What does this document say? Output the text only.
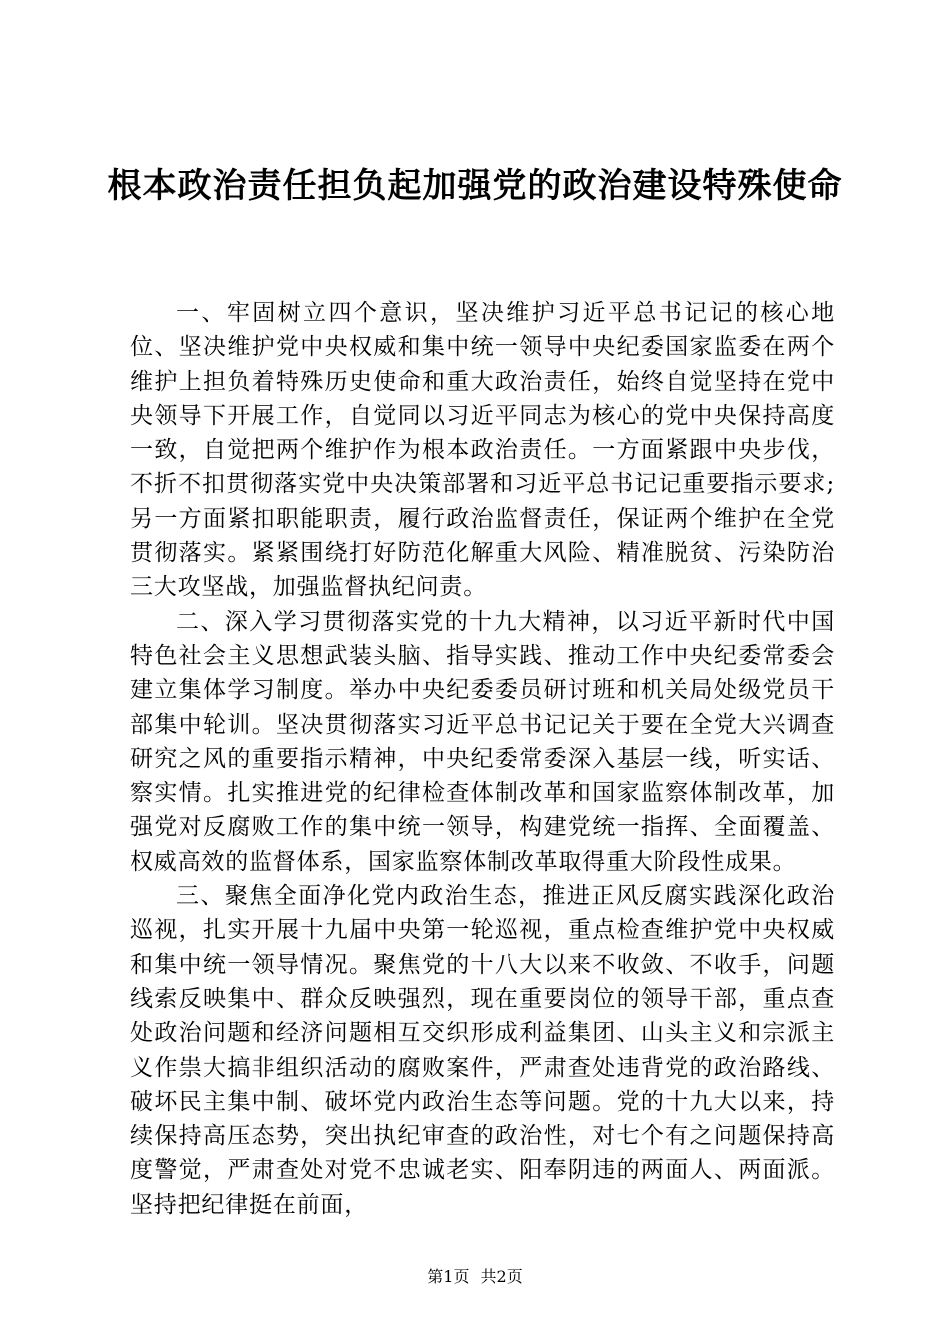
根本政治责任担负起加强党的政治建设特殊使命

一、牢固树立四个意识，坚决维护习近平总书记记的核心地位、坚决维护党中央权威和集中统一领导中央纪委国家监委在两个维护上担负着特殊历史使命和重大政治责任，始终自觉坚持在党中央领导下开展工作，自觉同以习近平同志为核心的党中央保持高度一致，自觉把两个维护作为根本政治责任。一方面紧跟中央步伐，不折不扣贯彻落实党中央决策部署和习近平总书记记重要指示要求;另一方面紧扣职能职责，履行政治监督责任，保证两个维护在全党贯彻落实。紧紧围绕打好防范化解重大风险、精准脱贫、污染防治三大攻坚战，加强监督执纪问责。

二、深入学习贯彻落实党的十九大精神，以习近平新时代中国特色社会主义思想武装头脑、指导实践、推动工作中央纪委常委会建立集体学习制度。举办中央纪委委员研讨班和机关局处级党员干部集中轮训。坚决贯彻落实习近平总书记记关于要在全党大兴调查研究之风的重要指示精神，中央纪委常委深入基层一线，听实话、察实情。扎实推进党的纪律检查体制改革和国家监察体制改革，加强党对反腐败工作的集中统一领导，构建党统一指挥、全面覆盖、权威高效的监督体系，国家监察体制改革取得重大阶段性成果。

三、聚焦全面净化党内政治生态，推进正风反腐实践深化政治巡视，扎实开展十九届中央第一轮巡视，重点检查维护党中央权威和集中统一领导情况。聚焦党的十八大以来不收敛、不收手，问题线索反映集中、群众反映强烈，现在重要岗位的领导干部，重点查处政治问题和经济问题相互交织形成利益集团、山头主义和宗派主义作祟大搞非组织活动的腐败案件，严肃查处违背党的政治路线、破坏民主集中制、破坏党内政治生态等问题。党的十九大以来，持续保持高压态势，突出执纪审查的政治性，对七个有之问题保持高度警觉，严肃查处对党不忠诚老实、阳奉阴违的两面人、两面派。坚持把纪律挺在前面，

第1页 共2页
